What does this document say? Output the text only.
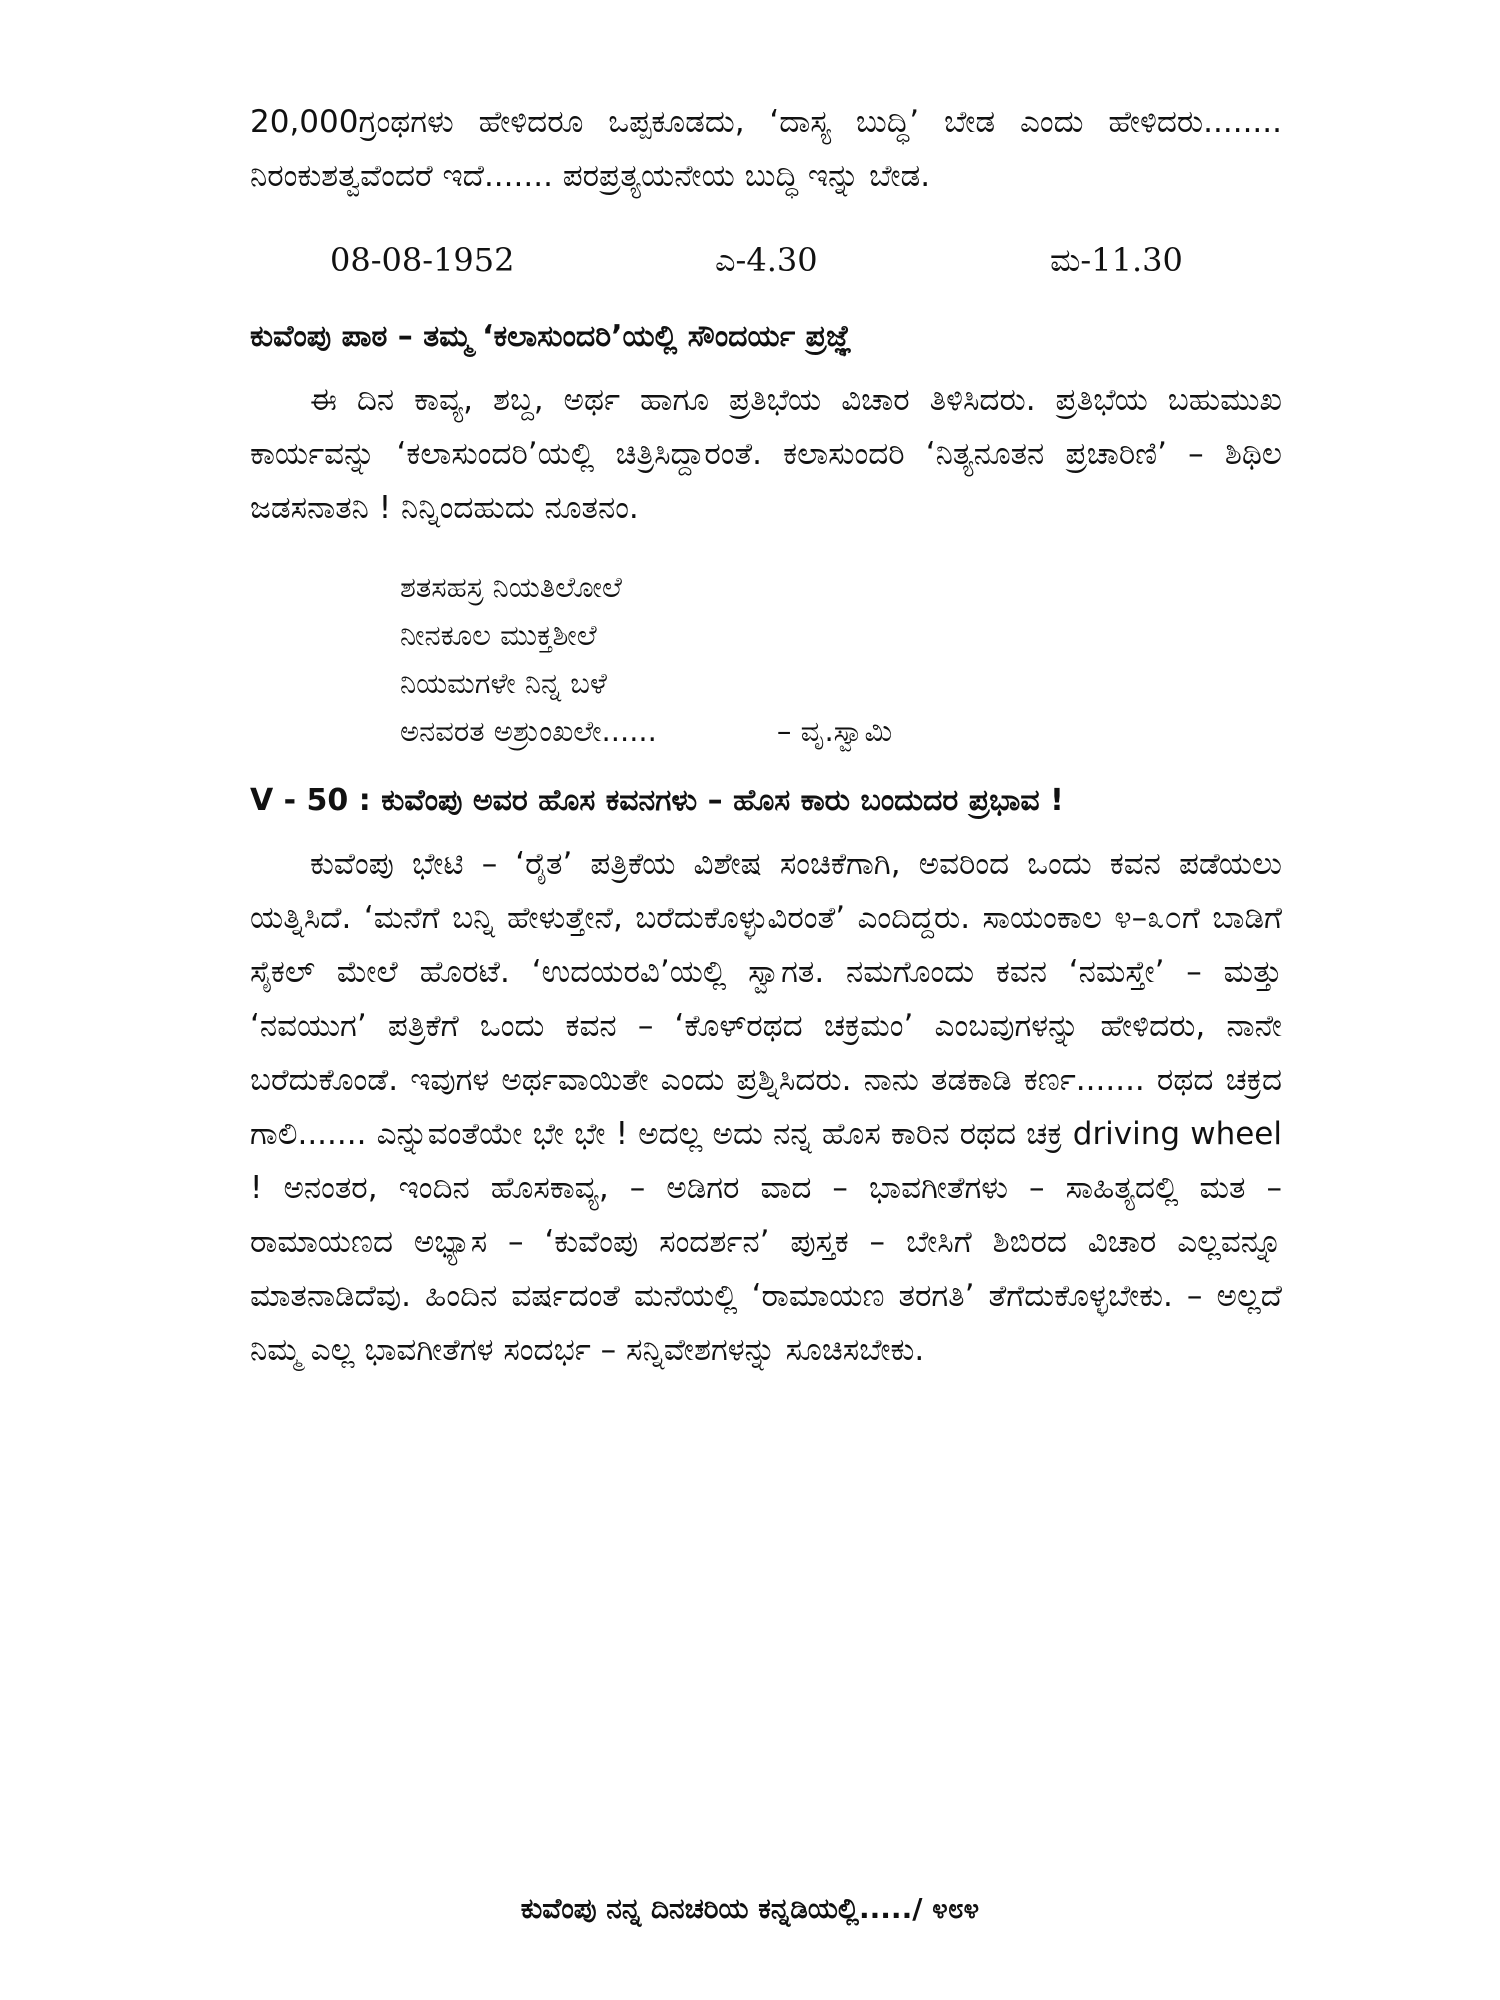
20,000ಗ್ರಂಥಗಳು ಹೇಳಿದರೂ ಒಪ್ಪಕೂಡದು, ‘ದಾಸ್ಯ ಬುದ್ಧಿ’ ಬೇಡ ಎಂದು ಹೇಳಿದರು........ ನಿರಂಕುಶತ್ವವೆಂದರೆ ಇದೆ....... ಪರಪ್ರತ್ಯಯನೇಯ ಬುದ್ಧಿ ಇನ್ನು ಬೇಡ.

08-08-1952	ಎ-4.30	ಮ-11.30
ಕುವೆಂಪು ಪಾಠ – ತಮ್ಮ ‘ಕಲಾಸುಂದರಿ’ಯಲ್ಲಿ ಸೌಂದರ್ಯ ಪ್ರಜ್ಞೆ

ಈ ದಿನ ಕಾವ್ಯ, ಶಬ್ದ, ಅರ್ಥ ಹಾಗೂ ಪ್ರತಿಭೆಯ ವಿಚಾರ ತಿಳಿಸಿದರು. ಪ್ರತಿಭೆಯ ಬಹುಮುಖ ಕಾರ್ಯವನ್ನು ‘ಕಲಾಸುಂದರಿ’ಯಲ್ಲಿ ಚಿತ್ರಿಸಿದ್ದಾರಂತೆ. ಕಲಾಸುಂದರಿ ‘ನಿತ್ಯನೂತನ ಪ್ರಚಾರಿಣಿ’ – ಶಿಥಿಲ ಜಡಸನಾತನಿ ! ನಿನ್ನಿಂದಹುದು ನೂತನಂ.

ಶತಸಹಸ್ರ ನಿಯತಿಲೋಲೆ
ನೀನಕೂಲ ಮುಕ್ತಶೀಲೆ
ನಿಯಮಗಳೇ ನಿನ್ನ ಬಳೆ
ಅನವರತ ಅಶ್ರುಂಖಲೇ......	– ವೃ.ಸ್ವಾಮಿ
V - 50 : ಕುವೆಂಪು ಅವರ ಹೊಸ ಕವನಗಳು – ಹೊಸ ಕಾರು ಬಂದುದರ ಪ್ರಭಾವ !

ಕುವೆಂಪು ಭೇಟಿ – ‘ರೈತ’ ಪತ್ರಿಕೆಯ ವಿಶೇಷ ಸಂಚಿಕೆಗಾಗಿ, ಅವರಿಂದ ಒಂದು ಕವನ ಪಡೆಯಲು ಯತ್ನಿಸಿದೆ. ‘ಮನೆಗೆ ಬನ್ನಿ ಹೇಳುತ್ತೇನೆ, ಬರೆದುಕೊಳ್ಳುವಿರಂತೆ’ ಎಂದಿದ್ದರು. ಸಾಯಂಕಾಲ ೪–೩೦ಗೆ ಬಾಡಿಗೆ ಸೈಕಲ್ ಮೇಲೆ ಹೊರಟೆ. ‘ಉದಯರವಿ’ಯಲ್ಲಿ ಸ್ವಾಗತ. ನಮಗೊಂದು ಕವನ ‘ನಮಸ್ತೇ’ – ಮತ್ತು ‘ನವಯುಗ’ ಪತ್ರಿಕೆಗೆ ಒಂದು ಕವನ – ‘ಕೊಳ್‌ರಥದ ಚಕ್ರಮಂ’ ಎಂಬವುಗಳನ್ನು ಹೇಳಿದರು, ನಾನೇ ಬರೆದುಕೊಂಡೆ. ಇವುಗಳ ಅರ್ಥವಾಯಿತೇ ಎಂದು ಪ್ರಶ್ನಿಸಿದರು. ನಾನು ತಡಕಾಡಿ ಕರ್ಣ....... ರಥದ ಚಕ್ರದ ಗಾಲಿ....... ಎನ್ನುವಂತೆಯೇ ಭೇ ಭೇ ! ಅದಲ್ಲ ಅದು ನನ್ನ ಹೊಸ ಕಾರಿನ ರಥದ ಚಕ್ರ driving wheel ! ಅನಂತರ, ಇಂದಿನ ಹೊಸಕಾವ್ಯ, – ಅಡಿಗರ ವಾದ – ಭಾವಗೀತೆಗಳು – ಸಾಹಿತ್ಯದಲ್ಲಿ ಮತ – ರಾಮಾಯಣದ ಅಭ್ಯಾಸ – ‘ಕುವೆಂಪು ಸಂದರ್ಶನ’ ಪುಸ್ತಕ – ಬೇಸಿಗೆ ಶಿಬಿರದ ವಿಚಾರ ಎಲ್ಲವನ್ನೂ ಮಾತನಾಡಿದೆವು. ಹಿಂದಿನ ವರ್ಷದಂತೆ ಮನೆಯಲ್ಲಿ ‘ರಾಮಾಯಣ ತರಗತಿ’ ತೆಗೆದುಕೊಳ್ಳಬೇಕು. – ಅಲ್ಲದೆ ನಿಮ್ಮ ಎಲ್ಲ ಭಾವಗೀತೆಗಳ ಸಂದರ್ಭ – ಸನ್ನಿವೇಶಗಳನ್ನು ಸೂಚಿಸಬೇಕು.

ಕುವೆಂಪು ನನ್ನ ದಿನಚರಿಯ ಕನ್ನಡಿಯಲ್ಲಿ...../ ೪೮೪
